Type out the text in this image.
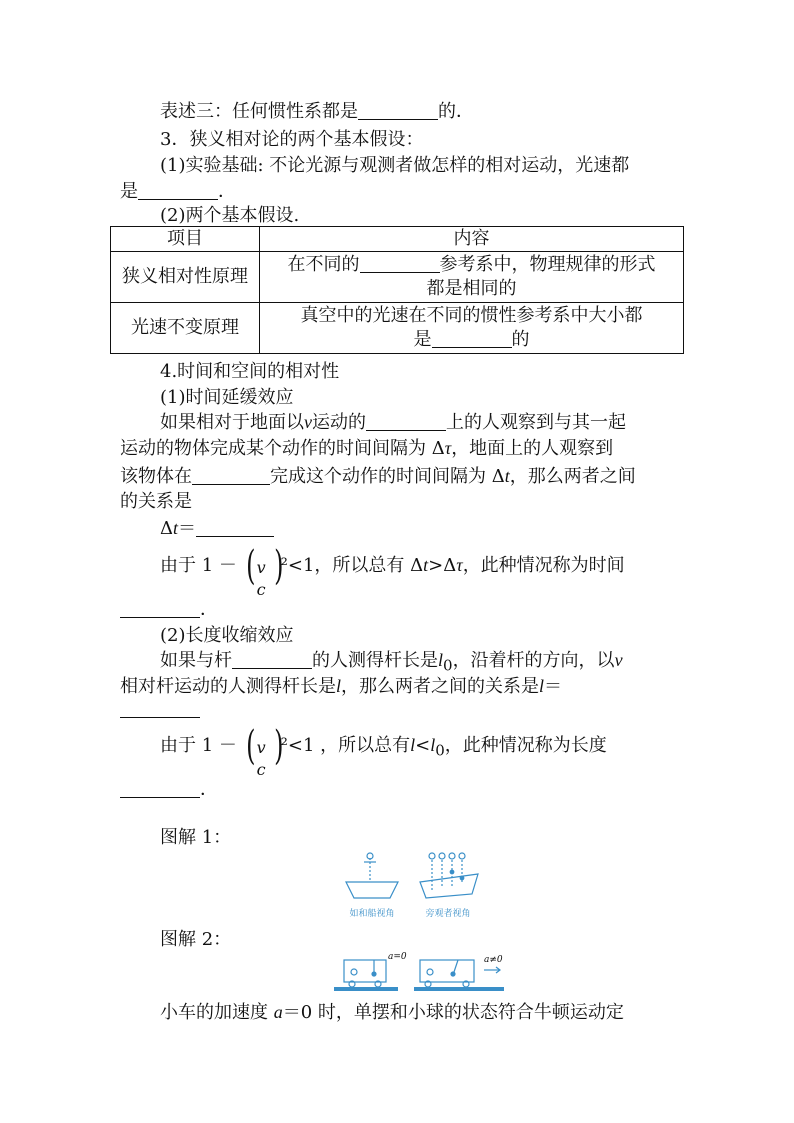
表述三：任何惯性系都是	的．
3．狭义相对论的两个基本假设：
(1)实验基础: 不论光源与观测者做怎样的相对运动，光速都
是	．
(2)两个基本假设.
项目	内容
狭义相对性原理	在不同的 参考系中，物理规律的形式
都是相同的

光速不变原理	真空中的光速在不同的惯性参考系中大小都
是 的
4.时间和空间的相对性
(1)时间延缓效应
如果相对于地面以v运动的	上的人观察到与其一起
运动的物体完成某个动作的时间间隔为 Δτ，地面上的人观察到
该物体在	完成这个动作的时间间隔为 Δt，那么两者之间
的关系是
Δt＝
由于 1 － ( v
c
)
²<1，所以总有 Δt>Δτ，此种情况称为时间
．
(2)长度收缩效应
如果与杆	的人测得杆长是$l_0$，沿着杆的方向，以v
相对杆运动的人测得杆长是l，那么两者之间的关系是l＝
由于 1 － ( v
c
)
²<1 ，所以总有$l<l_0$，此种情况称为长度
．
图解 1：
如和船视角	旁观者视角
图解 2：
a=0	a≠0
小车的加速度 a＝0 时，单摆和小球的状态符合牛顿运动定
